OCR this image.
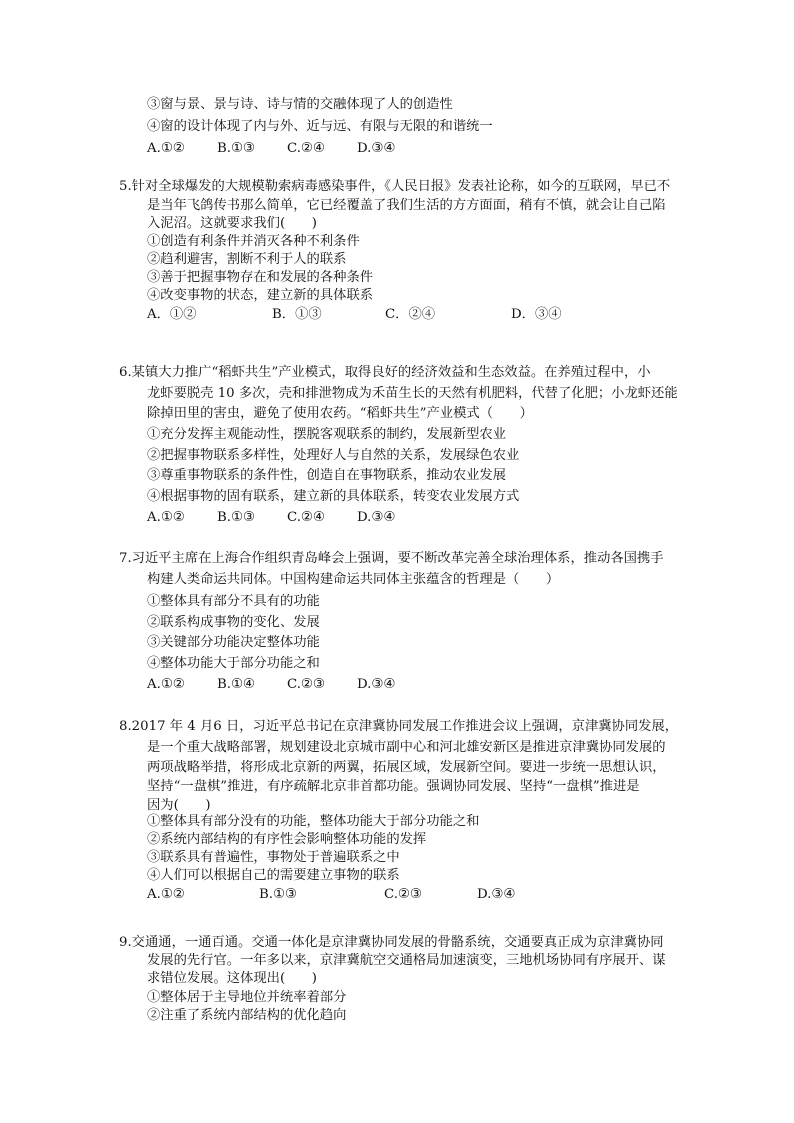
③窗与景、景与诗、诗与情的交融体现了人的创造性
④窗的设计体现了内与外、近与远、有限与无限的和谐统一
A.①② B.①③ C.②④ D.③④
5.针对全球爆发的大规模勒索病毒感染事件，《人民日报》发表社论称，如今的互联网，早已不
是当年飞鸽传书那么简单，它已经覆盖了我们生活的方方面面，稍有不慎，就会让自己陷
入泥沼。这就要求我们(　　)
①创造有利条件并消灭各种不利条件
②趋利避害，割断不利于人的联系
③善于把握事物存在和发展的各种条件
④改变事物的状态，建立新的具体联系
A．①②	B．①③	C．②④	D．③④
6.某镇大力推广“稻虾共生”产业模式，取得良好的经济效益和生态效益。在养殖过程中，小
龙虾要脱壳 10 多次，壳和排泄物成为禾苗生长的天然有机肥料，代替了化肥；小龙虾还能
除掉田里的害虫，避免了使用农药。“稻虾共生”产业模式（　　）
①充分发挥主观能动性，摆脱客观联系的制约，发展新型农业
②把握事物联系多样性，处理好人与自然的关系，发展绿色农业
③尊重事物联系的条件性，创造自在事物联系，推动农业发展
④根据事物的固有联系，建立新的具体联系，转变农业发展方式
A.①② B.①③ C.②④ D.③④
7.习近平主席在上海合作组织青岛峰会上强调，要不断改革完善全球治理体系，推动各国携手
构建人类命运共同体。中国构建命运共同体主张蕴含的哲理是（　　）
①整体具有部分不具有的功能
②联系构成事物的变化、发展
③关键部分功能决定整体功能
④整体功能大于部分功能之和
A.①② B.①④ C.②③ D.③④
8.2017 年 4 月6 日，习近平总书记在京津冀协同发展工作推进会议上强调，京津冀协同发展，
是一个重大战略部署，规划建设北京城市副中心和河北雄安新区是推进京津冀协同发展的
两项战略举措，将形成北京新的两翼，拓展区域，发展新空间。要进一步统一思想认识，
坚持“一盘棋”推进，有序疏解北京非首都功能。强调协同发展、坚持“一盘棋”推进是
因为(　　)
①整体具有部分没有的功能，整体功能大于部分功能之和
②系统内部结构的有序性会影响整体功能的发挥
③联系具有普遍性，事物处于普遍联系之中
④人们可以根据自己的需要建立事物的联系
A.①②	B.①③	C.②③	D.③④
9.交通通，一通百通。交通一体化是京津冀协同发展的骨骼系统，交通要真正成为京津冀协同
发展的先行官。一年多以来，京津冀航空交通格局加速演变，三地机场协同有序展开、谋
求错位发展。这体现出(　　)
①整体居于主导地位并统率着部分
②注重了系统内部结构的优化趋向
